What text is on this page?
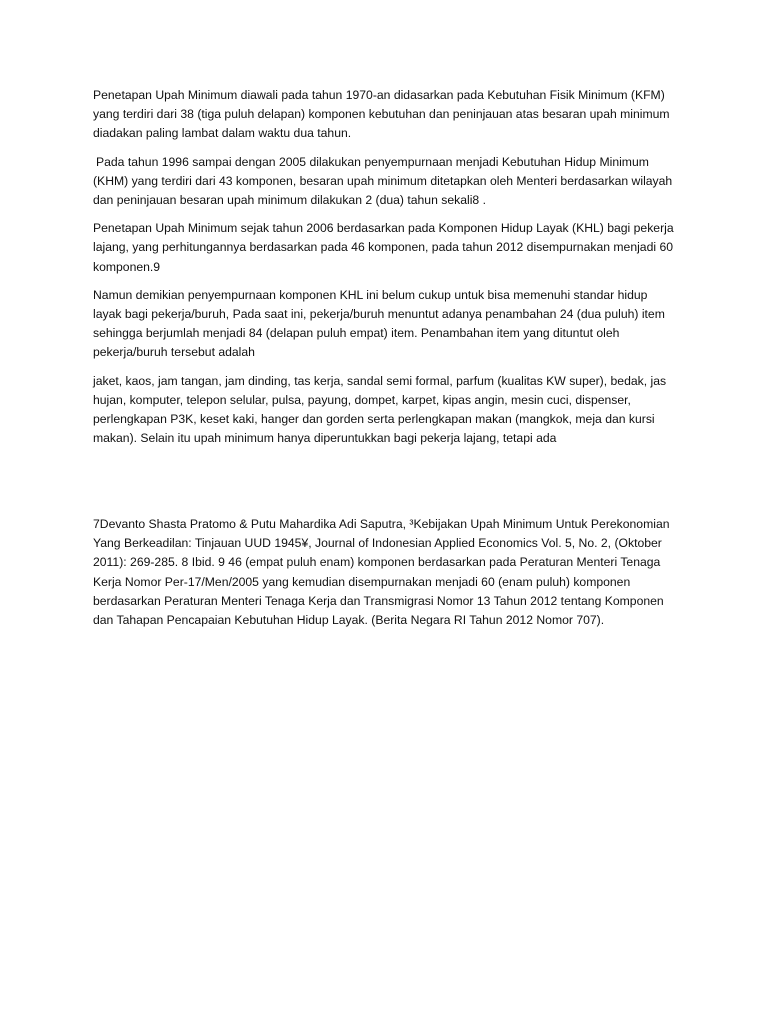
Penetapan Upah Minimum diawali pada tahun 1970-an didasarkan pada Kebutuhan Fisik Minimum (KFM) yang terdiri dari 38 (tiga puluh delapan) komponen kebutuhan dan peninjauan atas besaran upah minimum diadakan paling lambat dalam waktu dua tahun.

Pada tahun 1996 sampai dengan 2005 dilakukan penyempurnaan menjadi Kebutuhan Hidup Minimum (KHM) yang terdiri dari 43 komponen, besaran upah minimum ditetapkan oleh Menteri berdasarkan wilayah dan peninjauan besaran upah minimum dilakukan 2 (dua) tahun sekali8 .

Penetapan Upah Minimum sejak tahun 2006 berdasarkan pada Komponen Hidup Layak (KHL) bagi pekerja lajang, yang perhitungannya berdasarkan pada 46 komponen, pada tahun 2012 disempurnakan menjadi 60 komponen.9

Namun demikian penyempurnaan komponen KHL ini belum cukup untuk bisa memenuhi standar hidup layak bagi pekerja/buruh, Pada saat ini, pekerja/buruh menuntut adanya penambahan 24 (dua puluh) item sehingga berjumlah menjadi 84 (delapan puluh empat) item. Penambahan item yang dituntut oleh pekerja/buruh tersebut adalah

jaket, kaos, jam tangan, jam dinding, tas kerja, sandal semi formal, parfum (kualitas KW super), bedak, jas hujan, komputer, telepon selular, pulsa, payung, dompet, karpet, kipas angin, mesin cuci, dispenser, perlengkapan P3K, keset kaki, hanger dan gorden serta perlengkapan makan (mangkok, meja dan kursi makan). Selain itu upah minimum hanya diperuntukkan bagi pekerja lajang, tetapi ada

7Devanto Shasta Pratomo & Putu Mahardika Adi Saputra, ³Kebijakan Upah Minimum Untuk Perekonomian Yang Berkeadilan: Tinjauan UUD 1945¥, Journal of Indonesian Applied Economics Vol. 5, No. 2, (Oktober 2011): 269-285. 8 Ibid. 9 46 (empat puluh enam) komponen berdasarkan pada Peraturan Menteri Tenaga Kerja Nomor Per-17/Men/2005 yang kemudian disempurnakan menjadi 60 (enam puluh) komponen berdasarkan Peraturan Menteri Tenaga Kerja dan Transmigrasi Nomor 13 Tahun 2012 tentang Komponen dan Tahapan Pencapaian Kebutuhan Hidup Layak. (Berita Negara RI Tahun 2012 Nomor 707).
